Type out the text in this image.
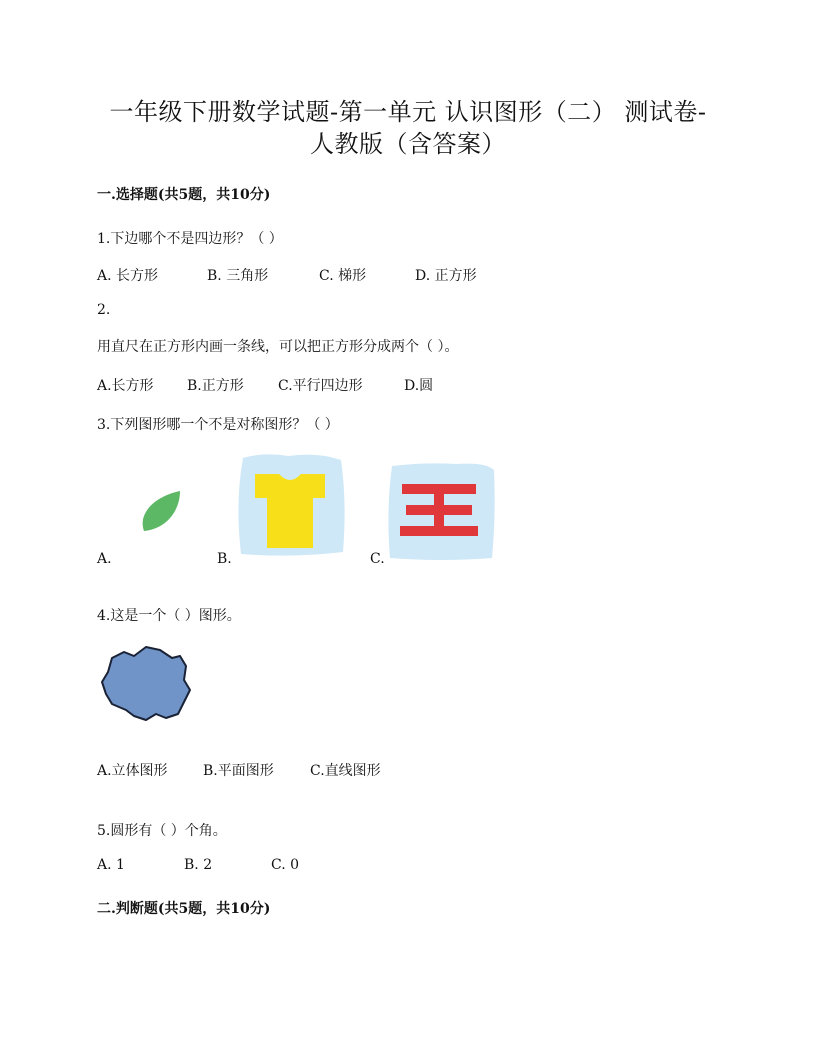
一年级下册数学试题-第一单元 认识图形（二） 测试卷-
人教版（含答案）
一.选择题(共5题，共10分)
1.下边哪个不是四边形？（ ）
A. 长方形	B. 三角形	C. 梯形	D. 正方形
2.
用直尺在正方形内画一条线，可以把正方形分成两个（ ）。
A.长方形 B.正方形 C.平行四边形	D.圆
3.下列图形哪一个不是对称图形？（ ）
A.	B.	C.
4.这是一个（ ）图形。
A.立体图形	B.平面图形	C.直线图形
5.圆形有（ ）个角。
A. 1	B. 2	C. 0
二.判断题(共5题，共10分)
